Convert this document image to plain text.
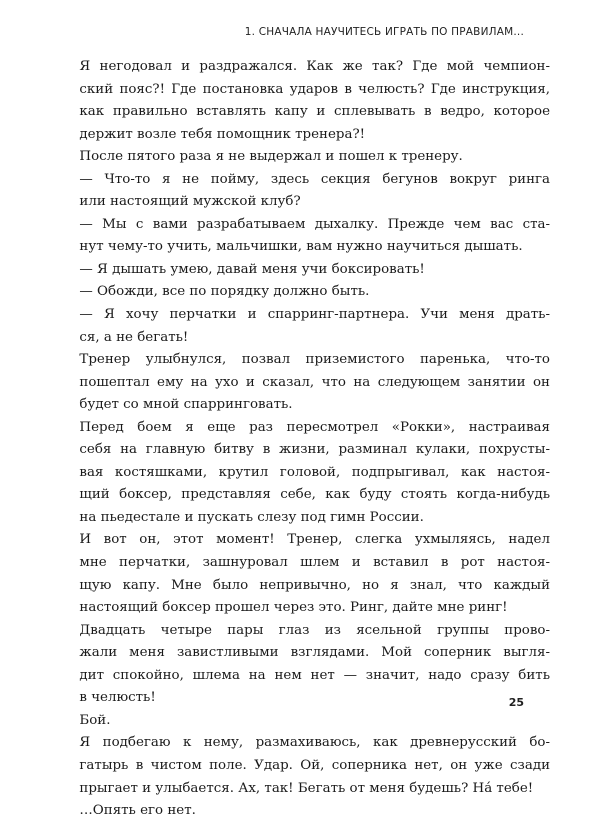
1. СНАЧАЛА НАУЧИТЕСЬ ИГРАТЬ ПО ПРАВИЛАМ...

Я негодовал и раздражался. Как же так? Где мой чемпион-
ский пояс?! Где постановка ударов в челюсть? Где инструкция,
как правильно вставлять капу и сплевывать в ведро, которое
держит возле тебя помощник тренера?!

После пятого раза я не выдержал и пошел к тренеру.

— Что-то я не пойму, здесь секция бегунов вокруг ринга
или настоящий мужской клуб?

— Мы с вами разрабатываем дыхалку. Прежде чем вас ста-
нут чему-то учить, мальчишки, вам нужно научиться дышать.

— Я дышать умею, давай меня учи боксировать!

— Обожди, все по порядку должно быть.

— Я хочу перчатки и спарринг-партнера. Учи меня драть-
ся, а не бегать!

Тренер улыбнулся, позвал приземистого паренька, что-то
пошептал ему на ухо и сказал, что на следующем занятии он
будет со мной спарринговать.

Перед боем я еще раз пересмотрел «Рокки», настраивая
себя на главную битву в жизни, разминал кулаки, похрусты-
вая костяшками, крутил головой, подпрыгивал, как настоя-
щий боксер, представляя себе, как буду стоять когда-нибудь
на пьедестале и пускать слезу под гимн России.

И вот он, этот момент! Тренер, слегка ухмыляясь, надел
мне перчатки, зашнуровал шлем и вставил в рот настоя-
щую капу. Мне было непривычно, но я знал, что каждый
настоящий боксер прошел через это. Ринг, дайте мне ринг!

Двадцать четыре пары глаз из ясельной группы прово-
жали меня завистливыми взглядами. Мой соперник выгля-
дит спокойно, шлема на нем нет — значит, надо сразу бить
в челюсть!

Бой.

Я подбегаю к нему, размахиваюсь, как древнерусский бо-
гатырь в чистом поле. Удар. Ой, соперника нет, он уже сзади
прыгает и улыбается. Ах, так! Бегать от меня будешь? На́ тебе!

…Опять его нет.

25
